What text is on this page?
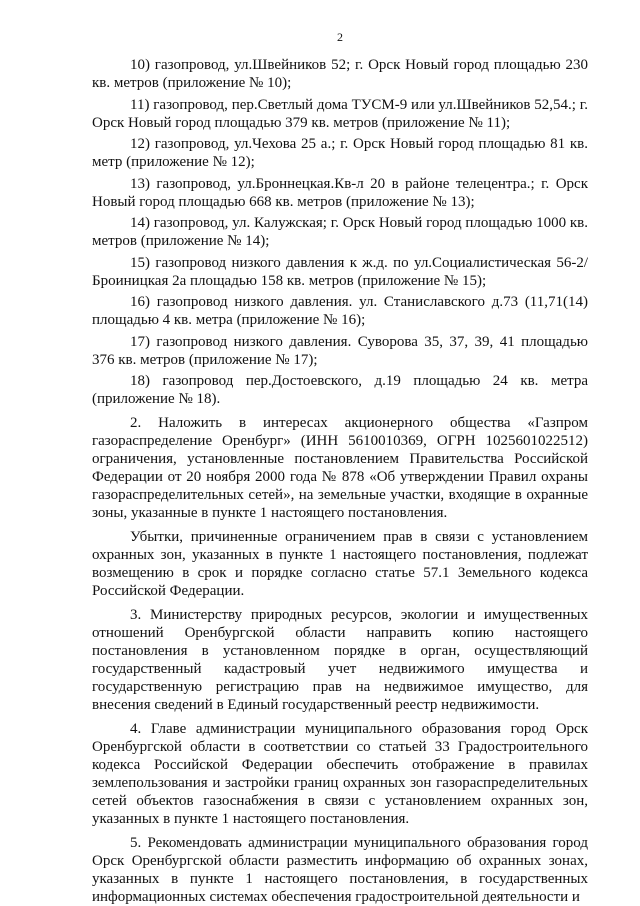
2

10) газопровод, ул.Швейников 52; г. Орск Новый город площадью 230 кв. метров (приложение № 10);

11) газопровод, пер.Светлый дома ТУСМ-9 или ул.Швейников 52,54.; г. Орск Новый город площадью 379 кв. метров (приложение № 11);

12) газопровод, ул.Чехова 25 а.; г. Орск Новый город площадью 81 кв. метр (приложение № 12);

13) газопровод, ул.Броннецкая.Кв-л 20 в районе телецентра.; г. Орск Новый город площадью 668 кв. метров (приложение № 13);

14) газопровод, ул. Калужская; г. Орск Новый город площадью 1000 кв. метров (приложение № 14);

15) газопровод низкого давления к ж.д. по ул.Социалистическая 56-2/Броиницкая 2а площадью 158 кв. метров (приложение № 15);

16) газопровод низкого давления. ул. Станиславского д.73 (11,71(14) площадью 4 кв. метра (приложение № 16);

17) газопровод низкого давления. Суворова 35, 37, 39, 41 площадью 376 кв. метров (приложение № 17);

18) газопровод пер.Достоевского, д.19 площадью 24 кв. метра (приложение № 18).

2. Наложить в интересах акционерного общества «Газпром газораспределение Оренбург» (ИНН 5610010369, ОГРН 1025601022512) ограничения, установленные постановлением Правительства Российской Федерации от 20 ноября 2000 года № 878 «Об утверждении Правил охраны газораспределительных сетей», на земельные участки, входящие в охранные зоны, указанные в пункте 1 настоящего постановления.

Убытки, причиненные ограничением прав в связи с установлением охранных зон, указанных в пункте 1 настоящего постановления, подлежат возмещению в срок и порядке согласно статье 57.1 Земельного кодекса Российской Федерации.

3. Министерству природных ресурсов, экологии и имущественных отношений Оренбургской области направить копию настоящего постановления в установленном порядке в орган, осуществляющий государственный кадастровый учет недвижимого имущества и государственную регистрацию прав на недвижимое имущество, для внесения сведений в Единый государственный реестр недвижимости.

4. Главе администрации муниципального образования город Орск Оренбургской области в соответствии со статьей 33 Градостроительного кодекса Российской Федерации обеспечить отображение в правилах землепользования и застройки границ охранных зон газораспределительных сетей объектов газоснабжения в связи с установлением охранных зон, указанных в пункте 1 настоящего постановления.

5. Рекомендовать администрации муниципального образования город Орск Оренбургской области разместить информацию об охранных зонах, указанных в пункте 1 настоящего постановления, в государственных информационных системах обеспечения градостроительной деятельности и
